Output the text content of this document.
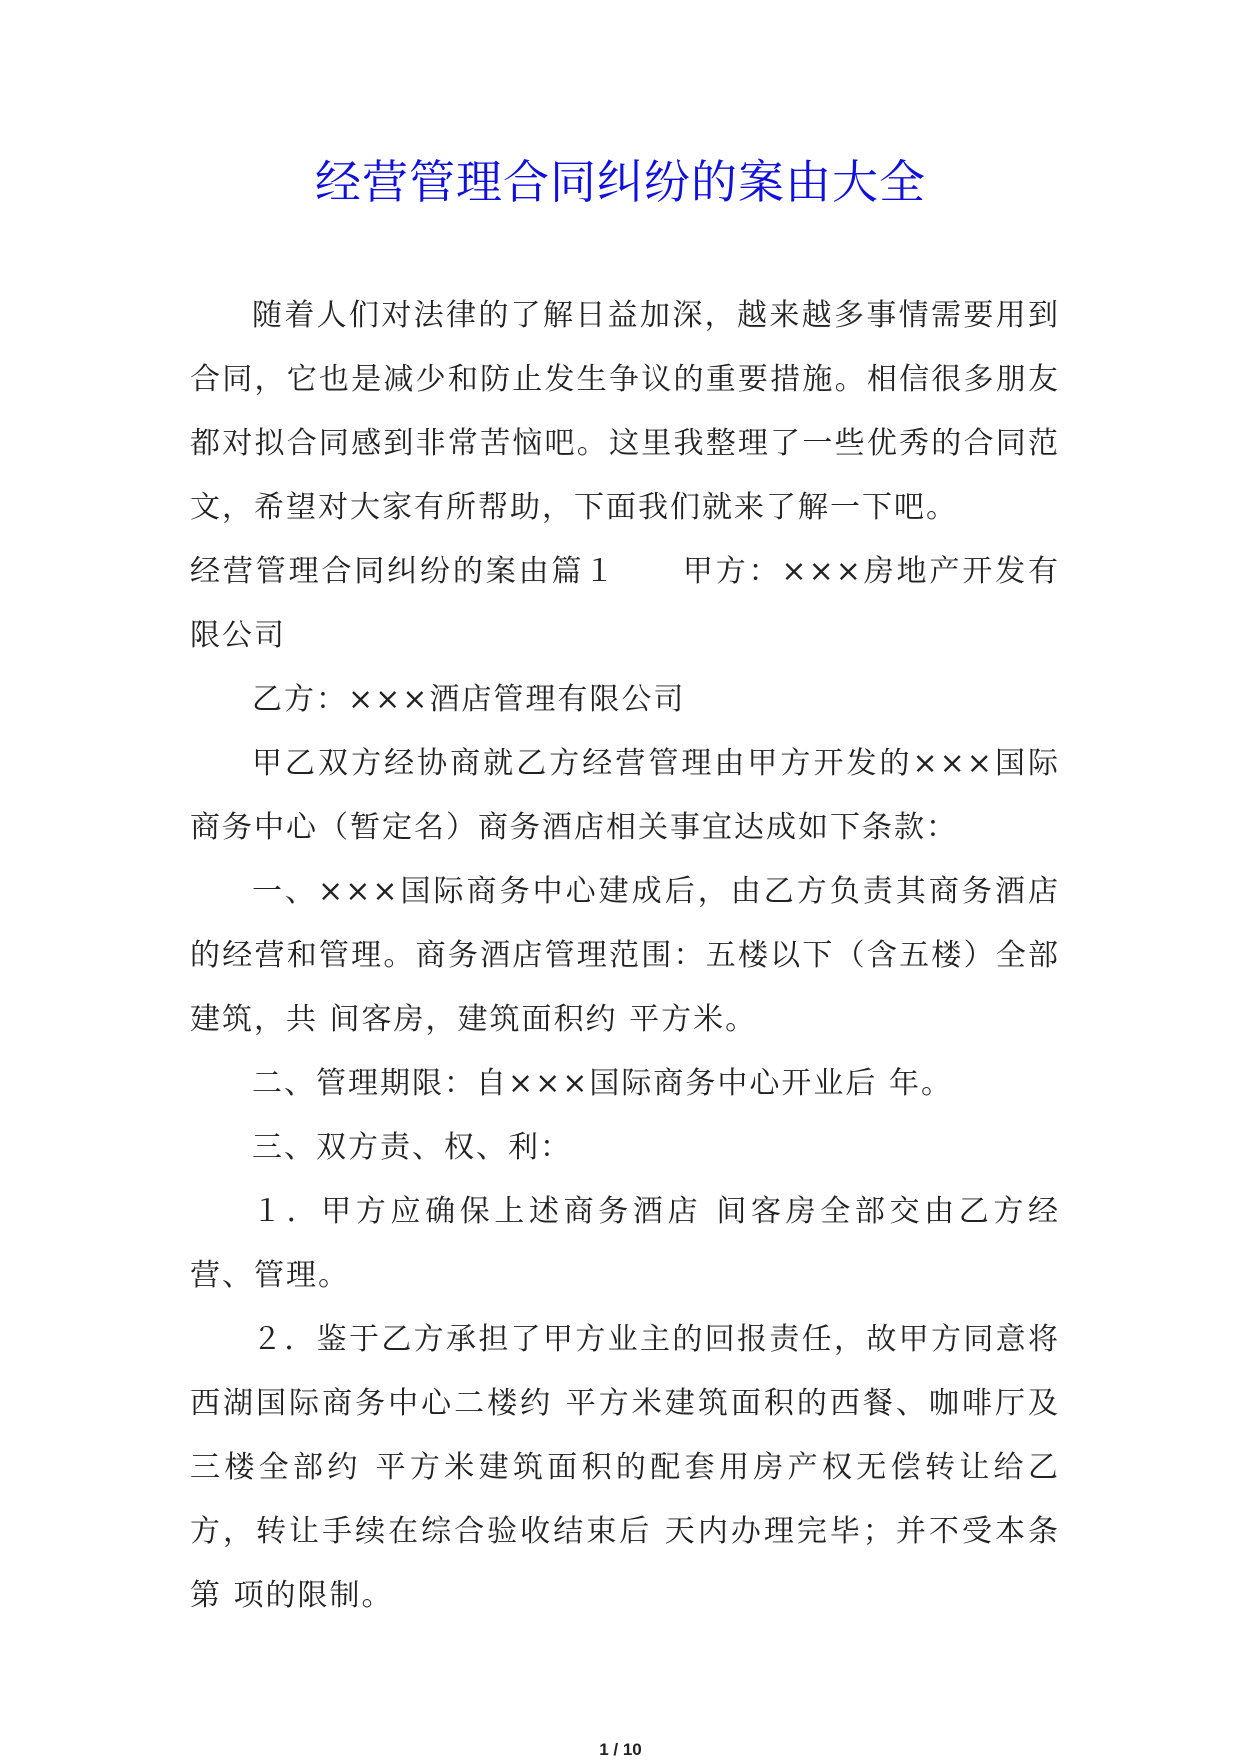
经营管理合同纠纷的案由大全

随着人们对法律的了解日益加深，越来越多事情需要用到合同，它也是减少和防止发生争议的重要措施。相信很多朋友都对拟合同感到非常苦恼吧。这里我整理了一些优秀的合同范文，希望对大家有所帮助，下面我们就来了解一下吧。

经营管理合同纠纷的案由篇１　　甲方：×××房地产开发有限公司

乙方：×××酒店管理有限公司

甲乙双方经协商就乙方经营管理由甲方开发的×××国际商务中心（暂定名）商务酒店相关事宜达成如下条款：

一、×××国际商务中心建成后，由乙方负责其商务酒店的经营和管理。商务酒店管理范围：五楼以下（含五楼）全部建筑，共 间客房，建筑面积约 平方米。

二、管理期限：自×××国际商务中心开业后 年。

三、双方责、权、利：

１．甲方应确保上述商务酒店 间客房全部交由乙方经营、管理。

２．鉴于乙方承担了甲方业主的回报责任，故甲方同意将西湖国际商务中心二楼约 平方米建筑面积的西餐、咖啡厅及三楼全部约 平方米建筑面积的配套用房产权无偿转让给乙方，转让手续在综合验收结束后 天内办理完毕；并不受本条第 项的限制。

1 / 10
